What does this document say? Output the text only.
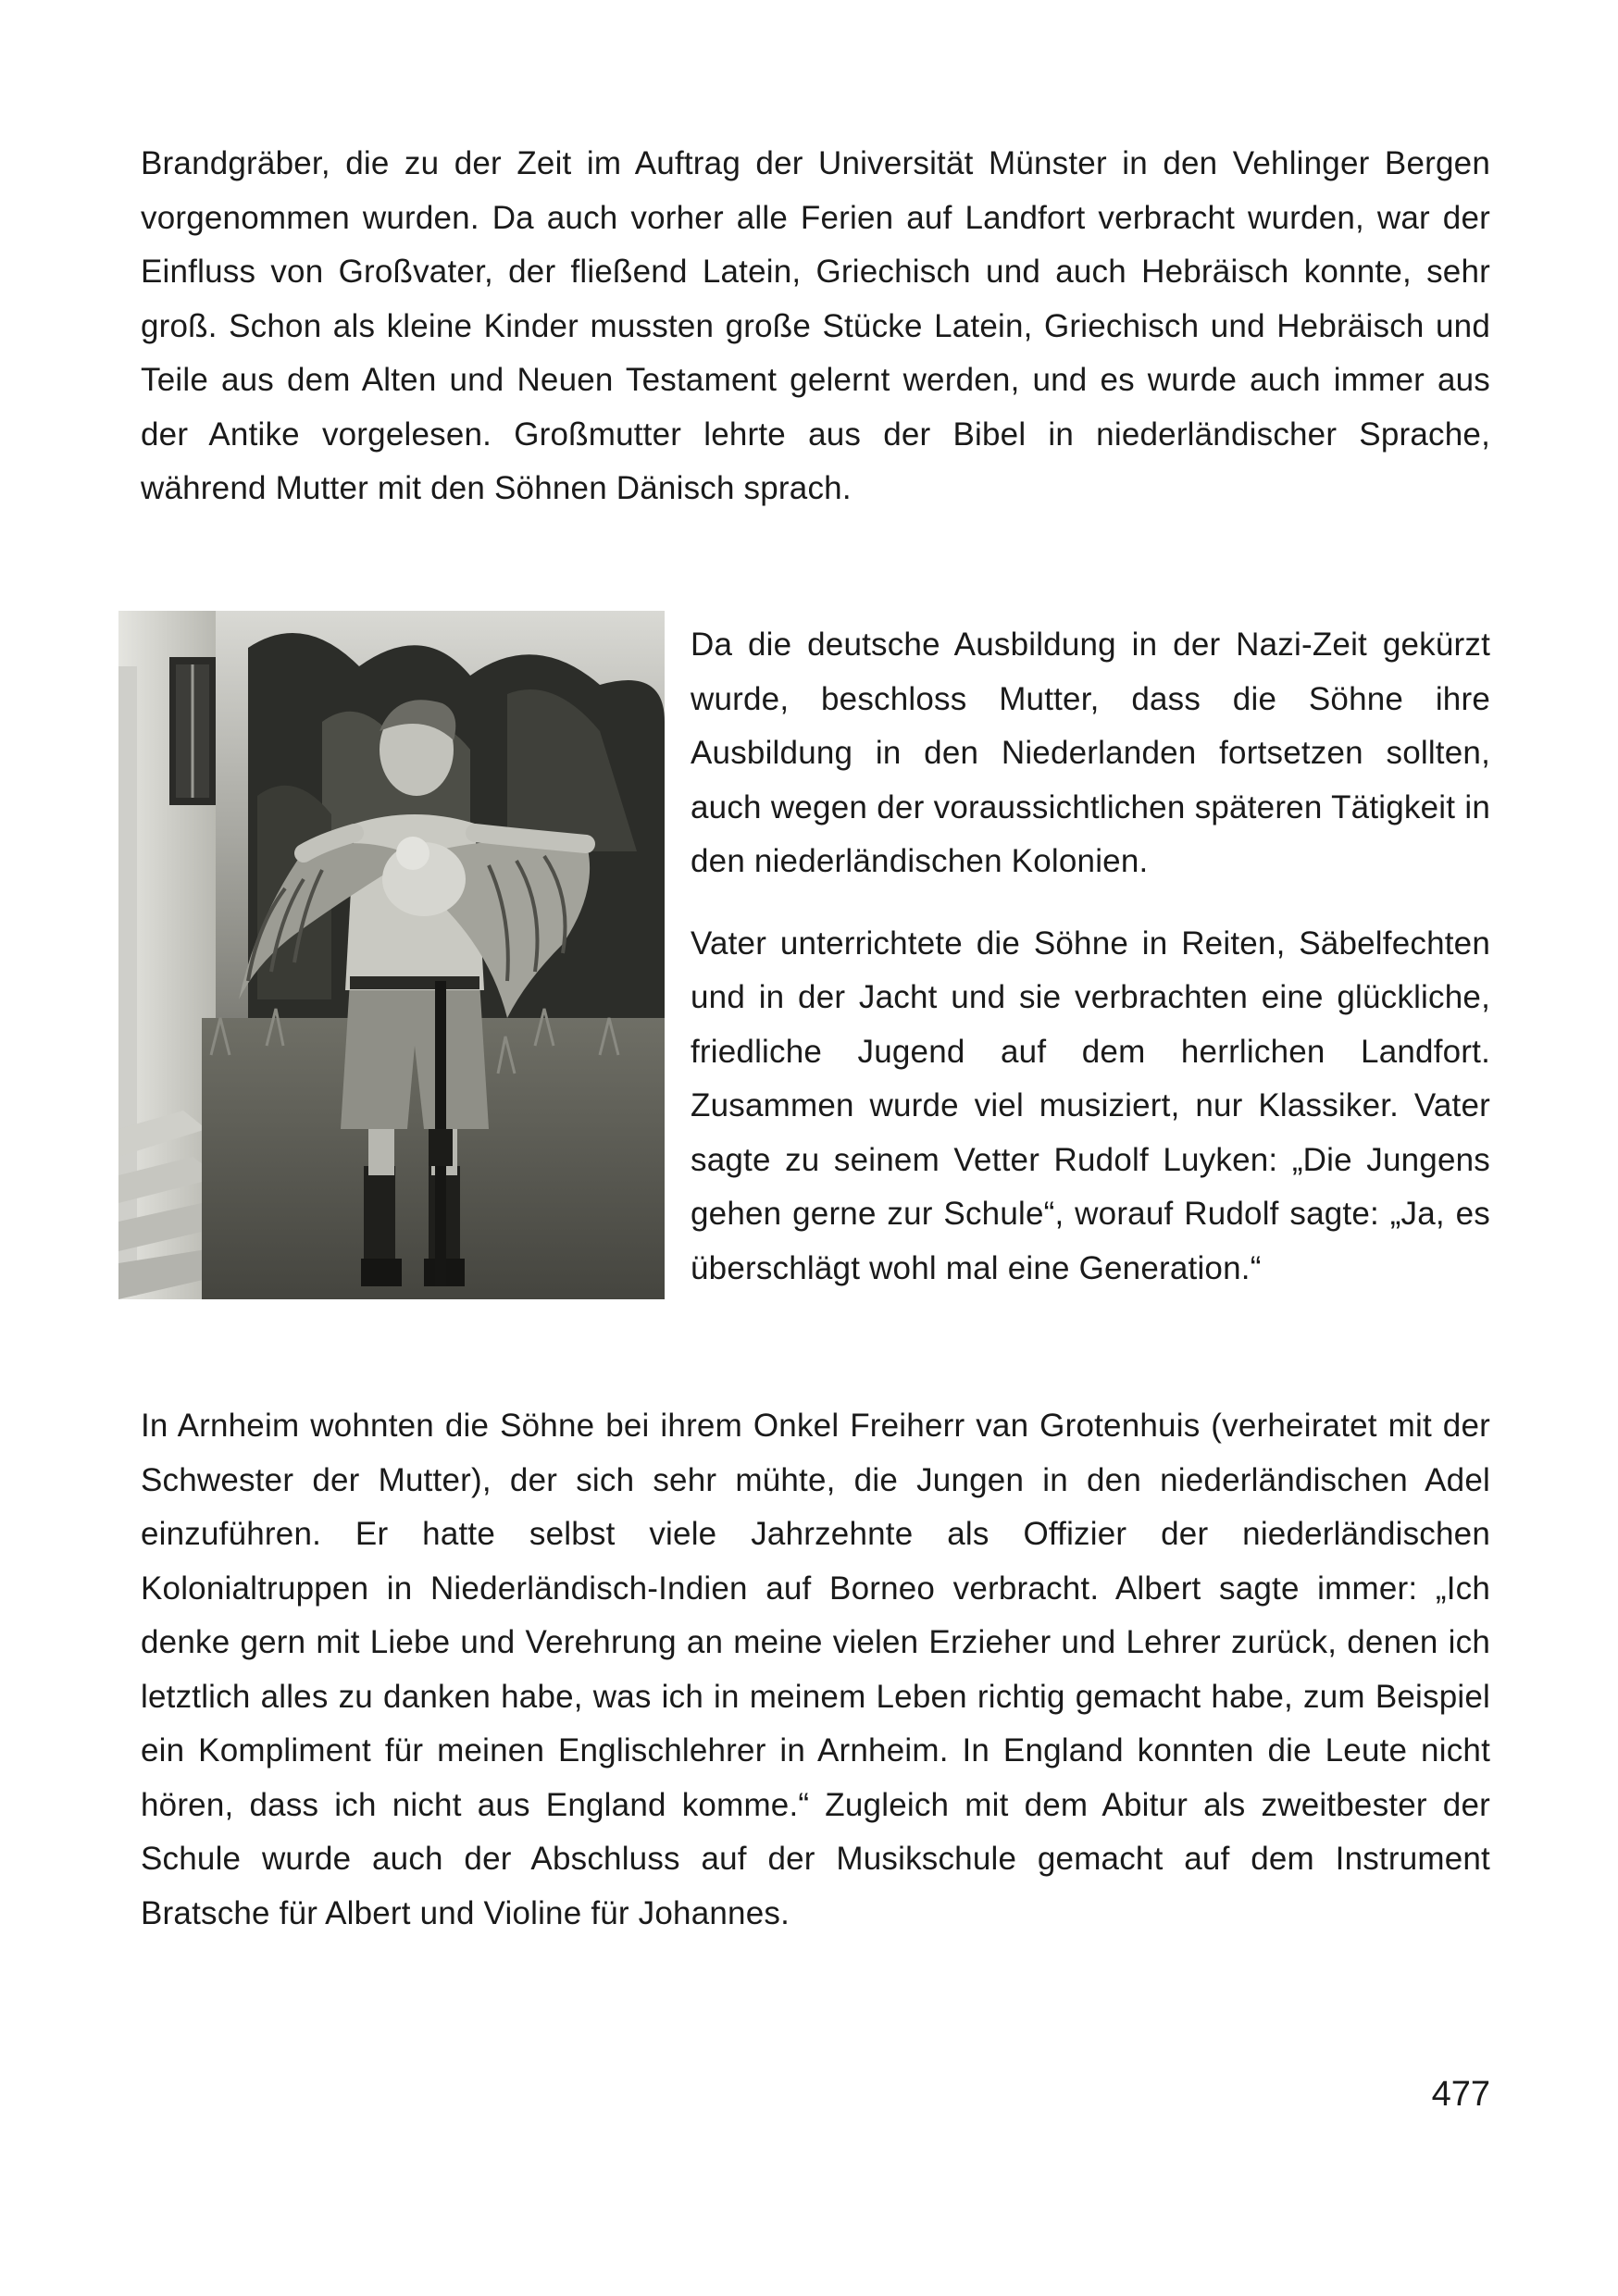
Brandgräber, die zu der Zeit im Auftrag der Universität Münster in den Vehlinger Bergen vorgenommen wurden. Da auch vorher alle Ferien auf Landfort verbracht wurden, war der Einfluss von Großvater, der fließend Latein, Griechisch und auch Hebräisch konnte, sehr groß. Schon als kleine Kinder mussten große Stücke Latein, Griechisch und Hebräisch und Teile aus dem Alten und Neuen Testament gelernt werden, und es wurde auch immer aus der Antike vorgelesen. Großmutter lehrte aus der Bibel in niederländischer Sprache, während Mutter mit den Söhnen Dänisch sprach.

Da die deutsche Ausbildung in der Nazi-Zeit gekürzt wurde, beschloss Mutter, dass die Söhne ihre Ausbildung in den Niederlanden fortsetzen sollten, auch wegen der voraussichtlichen späteren Tätigkeit in den niederländischen Kolonien.

Vater unterrichtete die Söhne in Reiten, Säbelfechten und in der Jacht und sie verbrachten eine glückliche, friedliche Jugend auf dem herrlichen Landfort. Zusammen wurde viel musiziert, nur Klassiker. Vater sagte zu seinem Vetter Rudolf Luyken: „Die Jungens gehen gerne zur Schule“, worauf Rudolf sagte: „Ja, es überschlägt wohl mal eine Generation.“

In Arnheim wohnten die Söhne bei ihrem Onkel Freiherr van Grotenhuis (verheiratet mit der Schwester der Mutter), der sich sehr mühte, die Jungen in den niederländischen Adel einzuführen. Er hatte selbst viele Jahrzehnte als Offizier der niederländischen Kolonialtruppen in Niederländisch-Indien auf Borneo verbracht. Albert sagte immer: „Ich denke gern mit Liebe und Verehrung an meine vielen Erzieher und Lehrer zurück, denen ich letztlich alles zu danken habe, was ich in meinem Leben richtig gemacht habe, zum Beispiel ein Kompliment für meinen Englischlehrer in Arnheim. In England konnten die Leute nicht hören, dass ich nicht aus England komme.“ Zugleich mit dem Abitur als zweitbester der Schule wurde auch der Abschluss auf der Musikschule gemacht auf dem Instrument Bratsche für Albert und Violine für Johannes.

477
